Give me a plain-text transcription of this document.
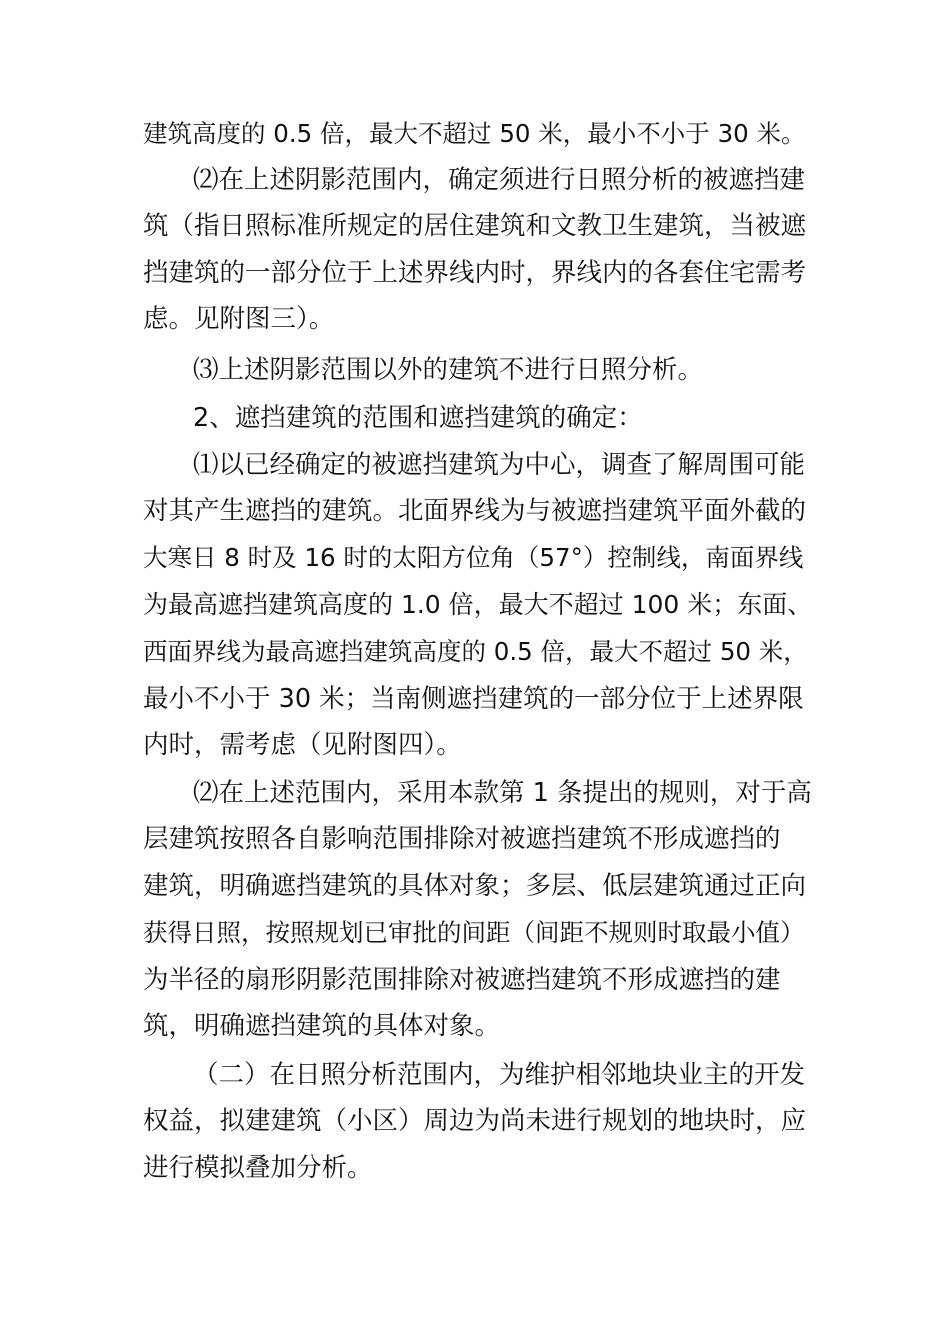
建筑高度的 0.5 倍，最大不超过 50 米，最小不小于 30 米。
⑵在上述阴影范围内，确定须进行日照分析的被遮挡建
筑（指日照标准所规定的居住建筑和文教卫生建筑，当被遮
挡建筑的一部分位于上述界线内时，界线内的各套住宅需考
虑。见附图三）。
⑶上述阴影范围以外的建筑不进行日照分析。
2、遮挡建筑的范围和遮挡建筑的确定：
⑴以已经确定的被遮挡建筑为中心，调查了解周围可能
对其产生遮挡的建筑。北面界线为与被遮挡建筑平面外截的
大寒日 8 时及 16 时的太阳方位角（57°）控制线，南面界线
为最高遮挡建筑高度的 1.0 倍，最大不超过 100 米；东面、
西面界线为最高遮挡建筑高度的 0.5 倍，最大不超过 50 米，
最小不小于 30 米；当南侧遮挡建筑的一部分位于上述界限
内时，需考虑（见附图四）。
⑵在上述范围内，采用本款第 1 条提出的规则，对于高
层建筑按照各自影响范围排除对被遮挡建筑不形成遮挡的
建筑，明确遮挡建筑的具体对象；多层、低层建筑通过正向
获得日照，按照规划已审批的间距（间距不规则时取最小值）
为半径的扇形阴影范围排除对被遮挡建筑不形成遮挡的建
筑，明确遮挡建筑的具体对象。
（二）在日照分析范围内，为维护相邻地块业主的开发
权益，拟建建筑（小区）周边为尚未进行规划的地块时，应
进行模拟叠加分析。
